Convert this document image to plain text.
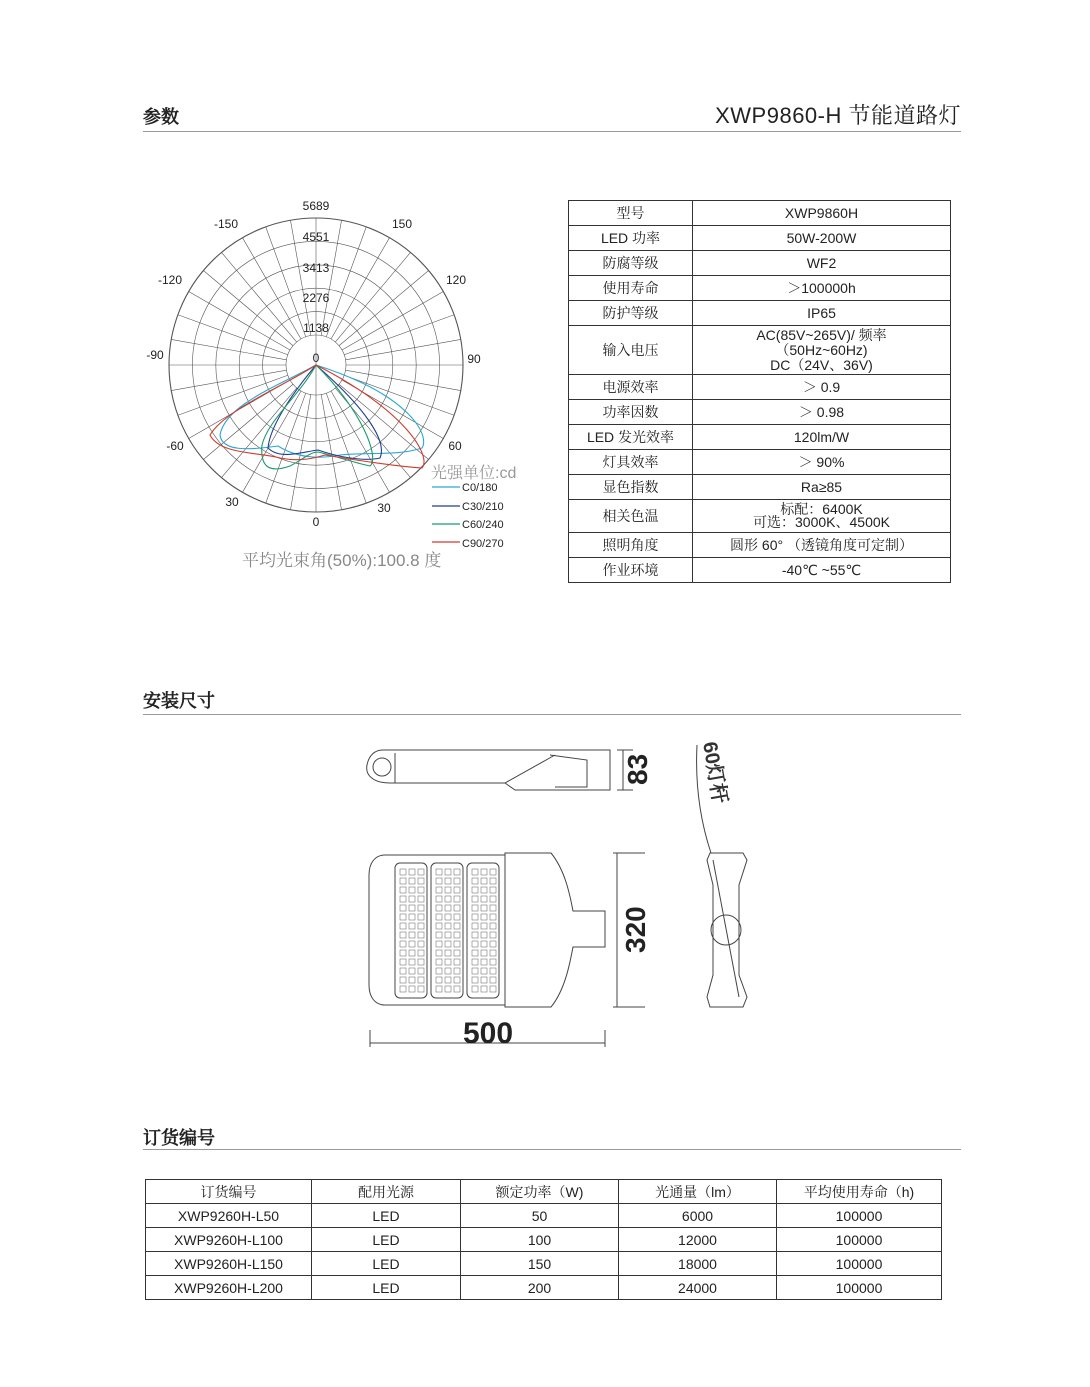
参数	XWP9860-H 节能道路灯
5689
4551
3413
2276
1138
0
-150	150
-120	120
-90	90
-60	60
30	30
0
光强单位:cd
C0/180
C30/210
C60/240
C90/270
平均光束角(50%):100.8 度
型号	XWP9860H
LED 功率	50W-200W
防腐等级	WF2
使用寿命	＞100000h
防护等级	IP65
输入电压	AC(85V~265V)/ 频率
（50Hz~60Hz)
DC（24V、36V)

电源效率	＞ 0.9
功率因数	＞ 0.98
LED 发光效率	120lm/W
灯具效率	＞ 90%
显色指数	Ra≥85
相关色温	标配：6400K
可选：3000K、4500K

照明角度	圆形 60° （透镜角度可定制）
作业环境	-40℃ ~55℃
安装尺寸
83
320
500
60灯杆
订货编号
订货编号	配用光源	额定功率（W)	光通量（lm）	平均使用寿命（h)
XWP9260H-L50	LED	50	6000	100000
XWP9260H-L100	LED	100	12000	100000
XWP9260H-L150	LED	150	18000	100000
XWP9260H-L200	LED	200	24000	100000
